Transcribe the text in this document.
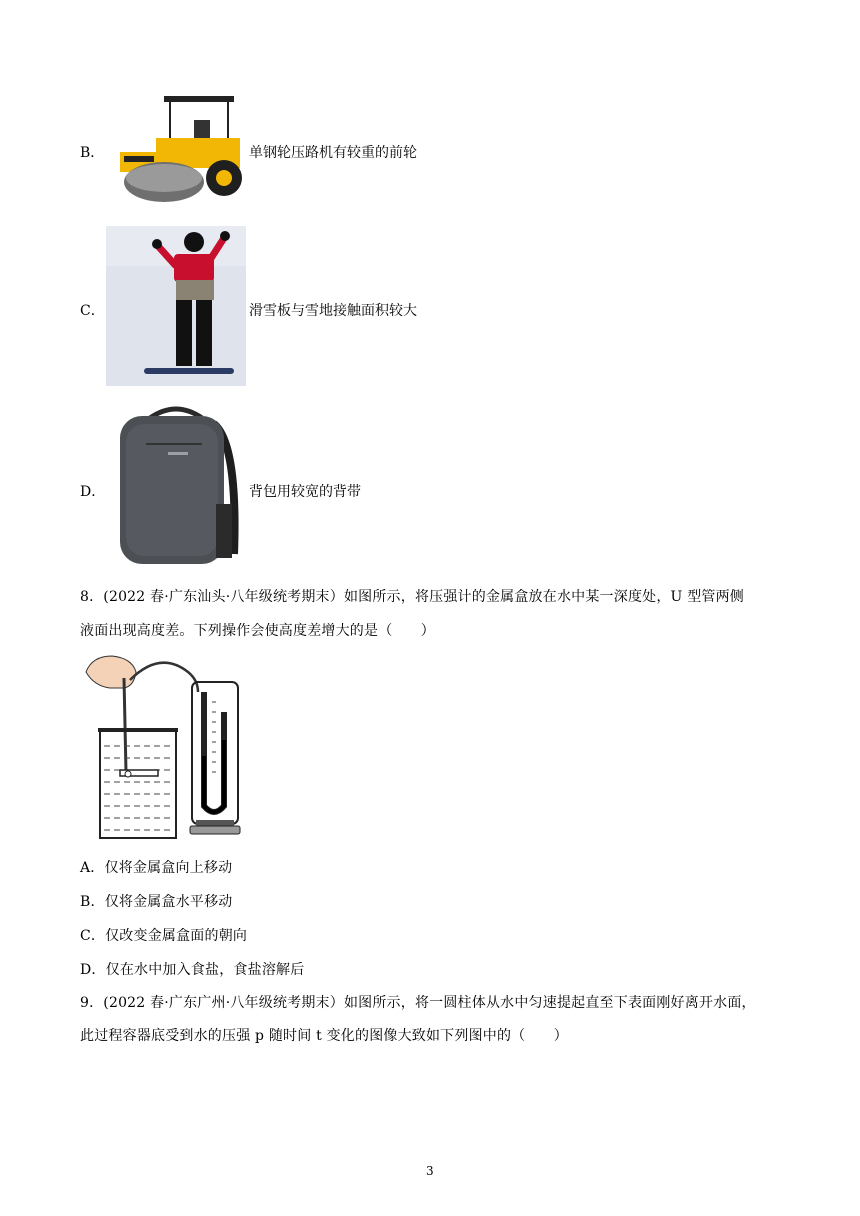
B．	单钢轮压路机有较重的前轮
C．	滑雪板与雪地接触面积较大
D．	背包用较宽的背带
8．(2022 春·广东汕头·八年级统考期末）如图所示，将压强计的金属盒放在水中某一深度处，U 型管两侧
液面出现高度差。下列操作会使高度差增大的是（　　）
A．仅将金属盒向上移动
B．仅将金属盒水平移动
C．仅改变金属盒面的朝向
D．仅在水中加入食盐，食盐溶解后
9．(2022 春·广东广州·八年级统考期末）如图所示，将一圆柱体从水中匀速提起直至下表面刚好离开水面，
此过程容器底受到水的压强 p 随时间 t 变化的图像大致如下列图中的（　　）
3
